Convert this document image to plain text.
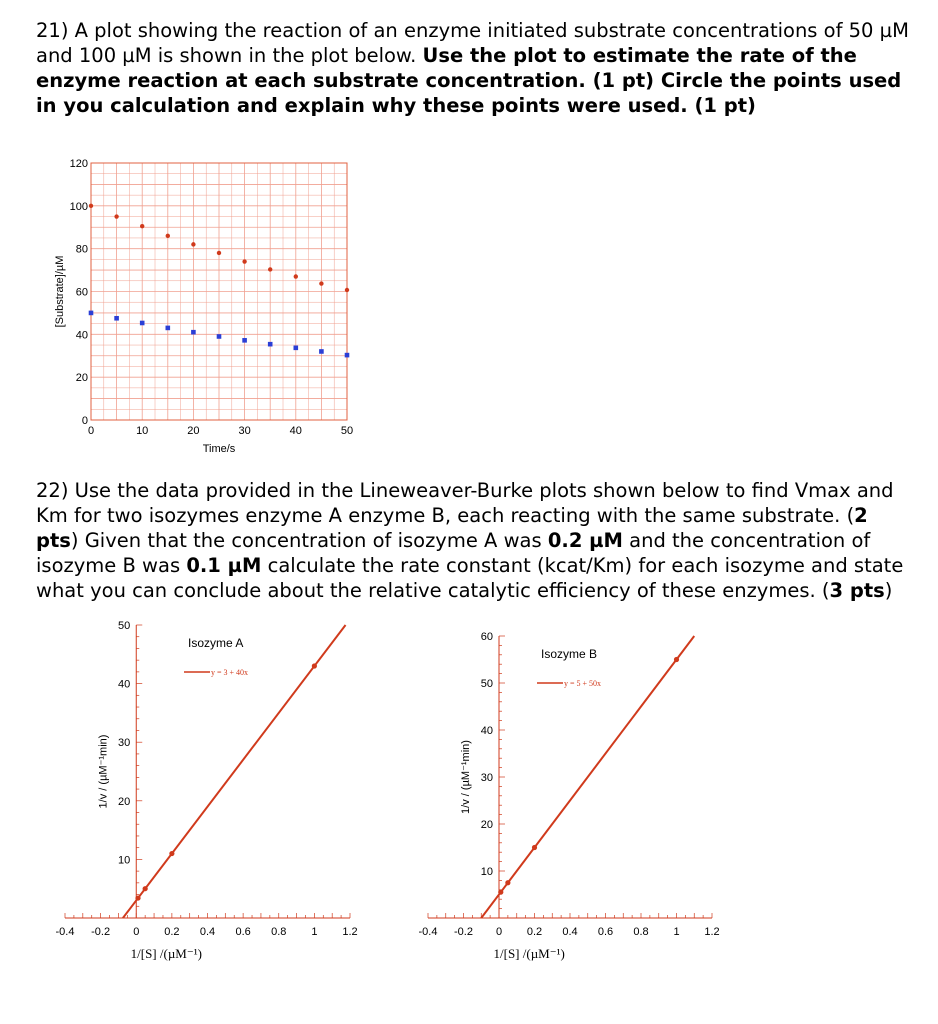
21) A plot showing the reaction of an enzyme initiated substrate concentrations of 50 µM and 100 µM is shown in the plot below. Use the plot to estimate the rate of the enzyme reaction at each substrate concentration. (1 pt) Circle the points used in you calculation and explain why these points were used. (1 pt)
22) Use the data provided in the Lineweaver-Burke plots shown below to find Vmax and Km for two isozymes enzyme A enzyme B, each reacting with the same substrate. (2 pts) Given that the concentration of isozyme A was 0.2 µM and the concentration of isozyme B was 0.1 µM calculate the rate constant (kcat/Km) for each isozyme and state what you can conclude about the relative catalytic efficiency of these enzymes. (3 pts)
0	10	20	30	40	50
0
20
40
60
80
100
120
Time/s
[Substrate]/µM
-0.4 -0.2 0 0.2 0.4 0.6 0.8 1 1.2
10
20
30
40
50
1/[S] /(µM⁻¹)
1/v / (µM⁻¹min)
Isozyme A
y = 3 + 40x
-0.4 -0.2 0 0.2 0.4 0.6 0.8 1 1.2
10
20
30
40
50
60
1/[S] /(µM⁻¹)
1/v / (µM⁻¹min)
Isozyme B
y = 5 + 50x
